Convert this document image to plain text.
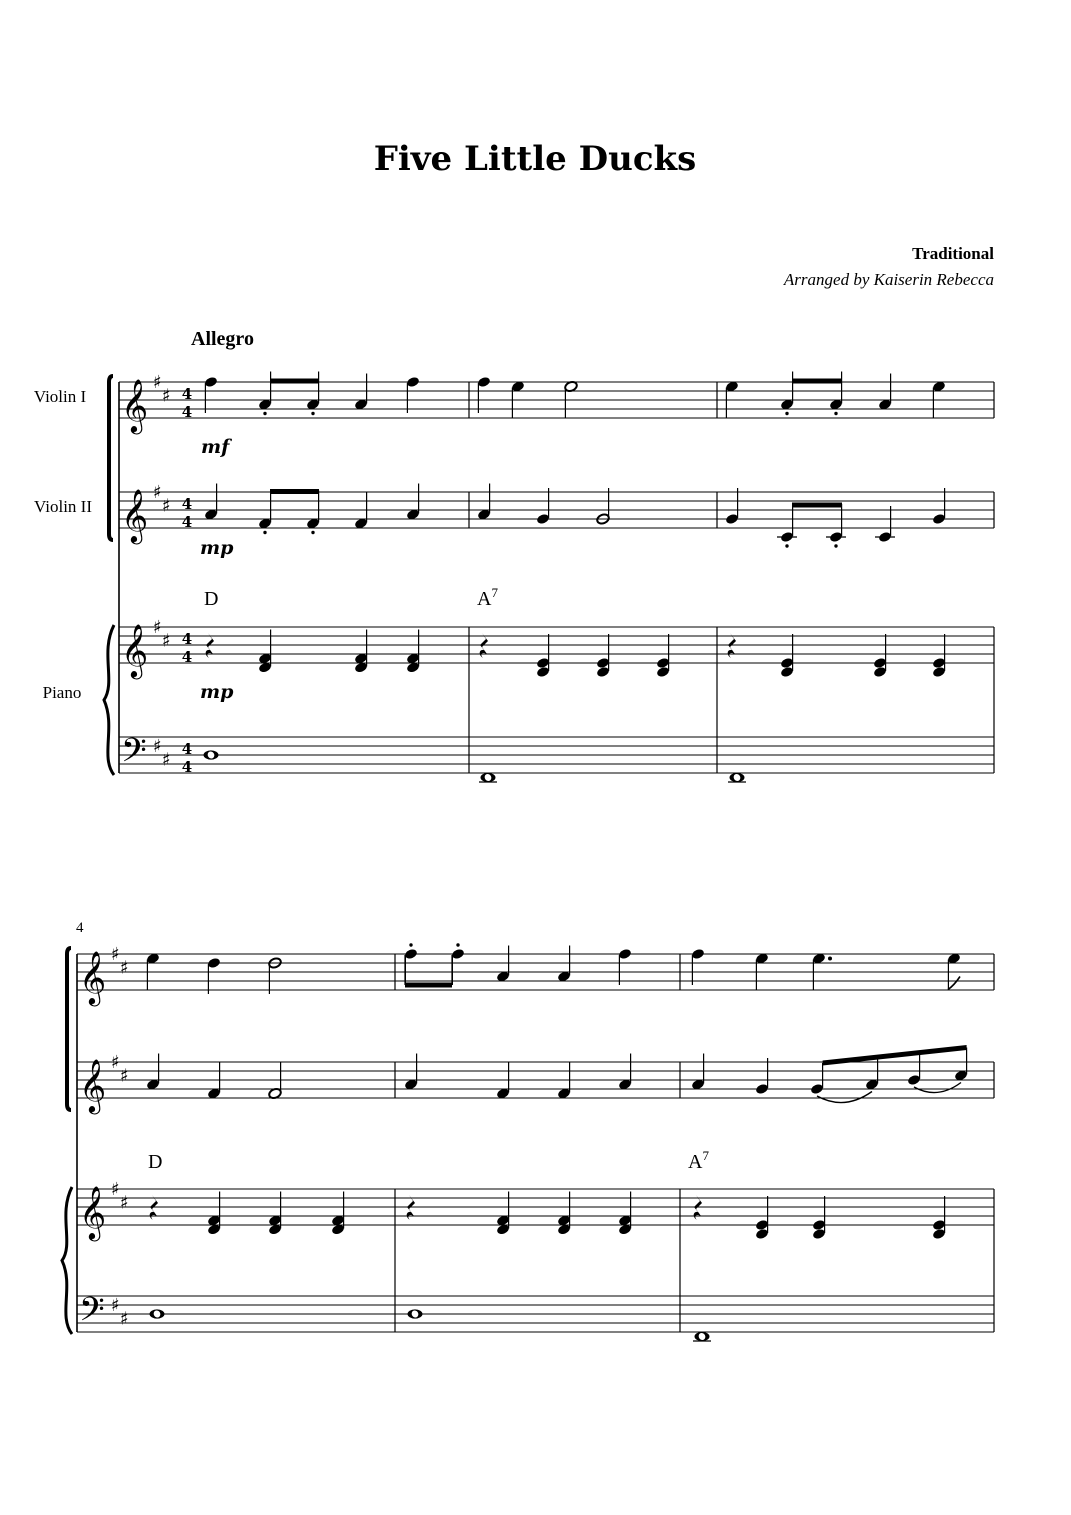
Five Little Ducks
Traditional
Arranged by Kaiserin Rebecca
Allegro
Violin I
Violin II
Piano
mf
mp
mp
D	$A^7$
D	$A^7$
4
𝄞 ♯
♯ 4
4
𝄞 ♯
♯ 4
4
𝄞 ♯
♯ 4
4
𝄢 ♯
♯
4
4
𝄞 ♯
♯
𝄞 ♯
♯
𝄞 ♯
♯
𝄢 ♯
♯
